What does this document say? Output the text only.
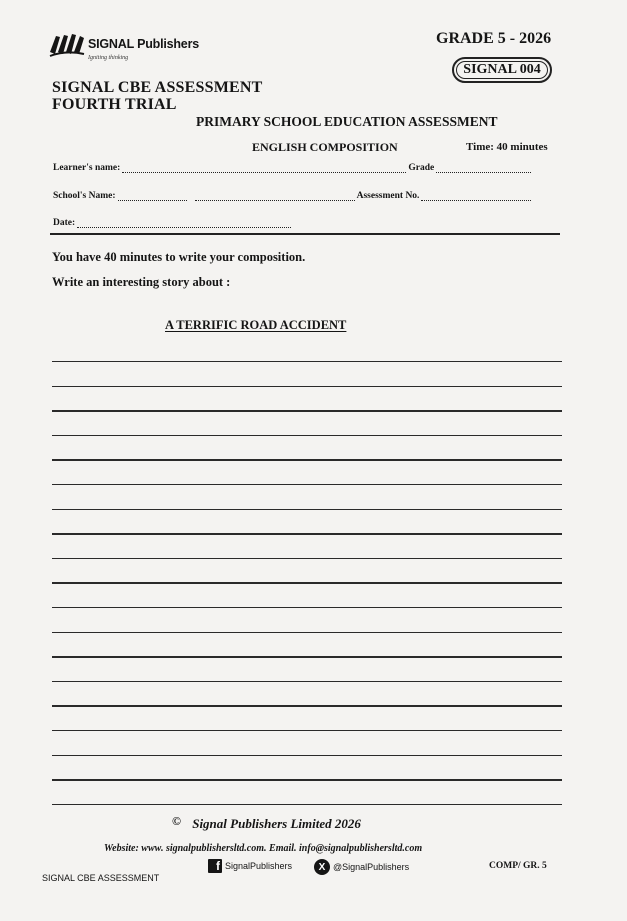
SIGNAL Publishers
Igniting thinking
GRADE 5 - 2026
SIGNAL 004
SIGNAL CBE ASSESSMENT
FOURTH TRIAL
PRIMARY SCHOOL EDUCATION ASSESSMENT
ENGLISH COMPOSITION	Time: 40 minutes
Learner's name:	Grade
School's Name:	Assessment No.
Date:
You have 40 minutes to write your composition.
Write an interesting story about :
A TERRIFIC ROAD ACCIDENT
© Signal Publishers Limited 2026
Website: www. signalpublishersltd.com. Email. info@signalpublishersltd.com
f SignalPublishers	X @SignalPublishers
SIGNAL CBE ASSESSMENT
COMP/ GR. 5
